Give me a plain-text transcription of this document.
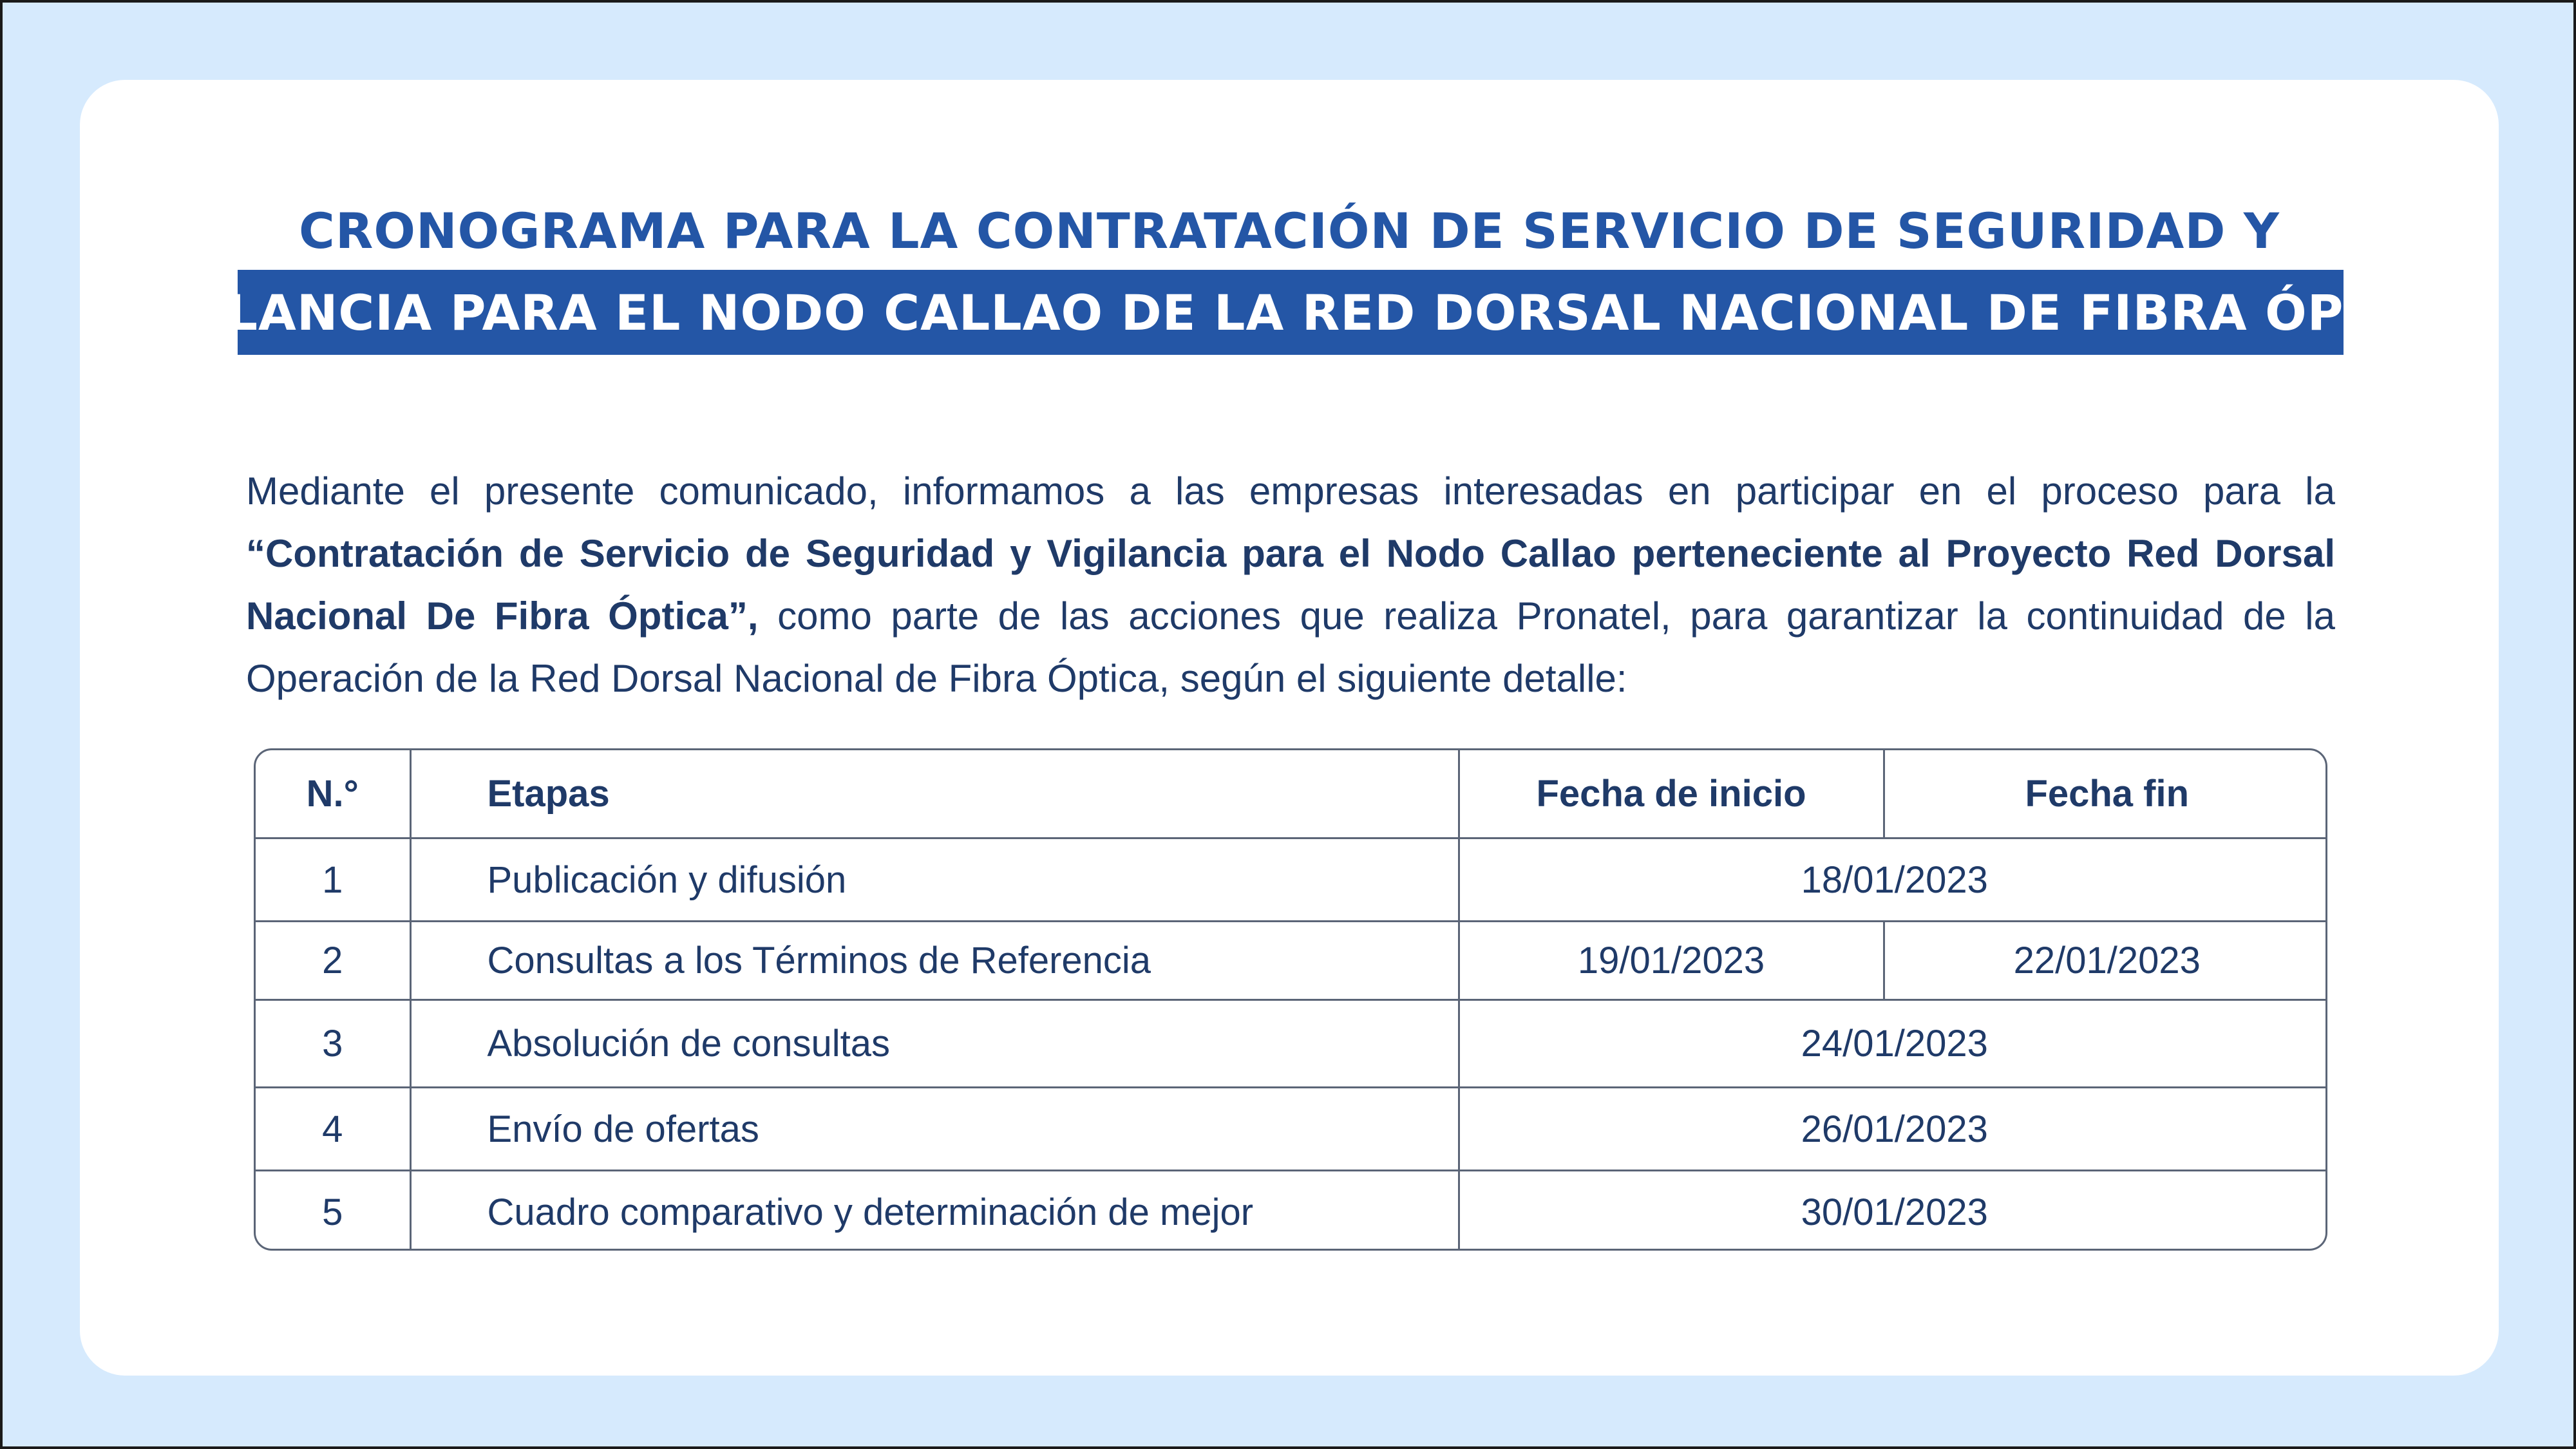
CRONOGRAMA PARA LA CONTRATACIÓN DE SERVICIO DE SEGURIDAD Y
VIGILANCIA PARA EL NODO CALLAO DE LA RED DORSAL NACIONAL DE FIBRA ÓPTICA

Mediante el presente comunicado, informamos a las empresas interesadas en participar en el proceso para la “Contratación de Servicio de Seguridad y Vigilancia para el Nodo Callao perteneciente al Proyecto Red Dorsal Nacional De Fibra Óptica”, como parte de las acciones que realiza Pronatel, para garantizar la continuidad de la Operación de la Red Dorsal Nacional de Fibra Óptica, según el siguiente detalle:

N.°	Etapas	Fecha de inicio	Fecha fin
1	Publicación y difusión	18/01/2023	
2	Consultas a los Términos de Referencia	19/01/2023	22/01/2023
3	Absolución de consultas	24/01/2023	
4	Envío de ofertas	26/01/2023	
5	Cuadro comparativo y determinación de mejor	30/01/2023	
